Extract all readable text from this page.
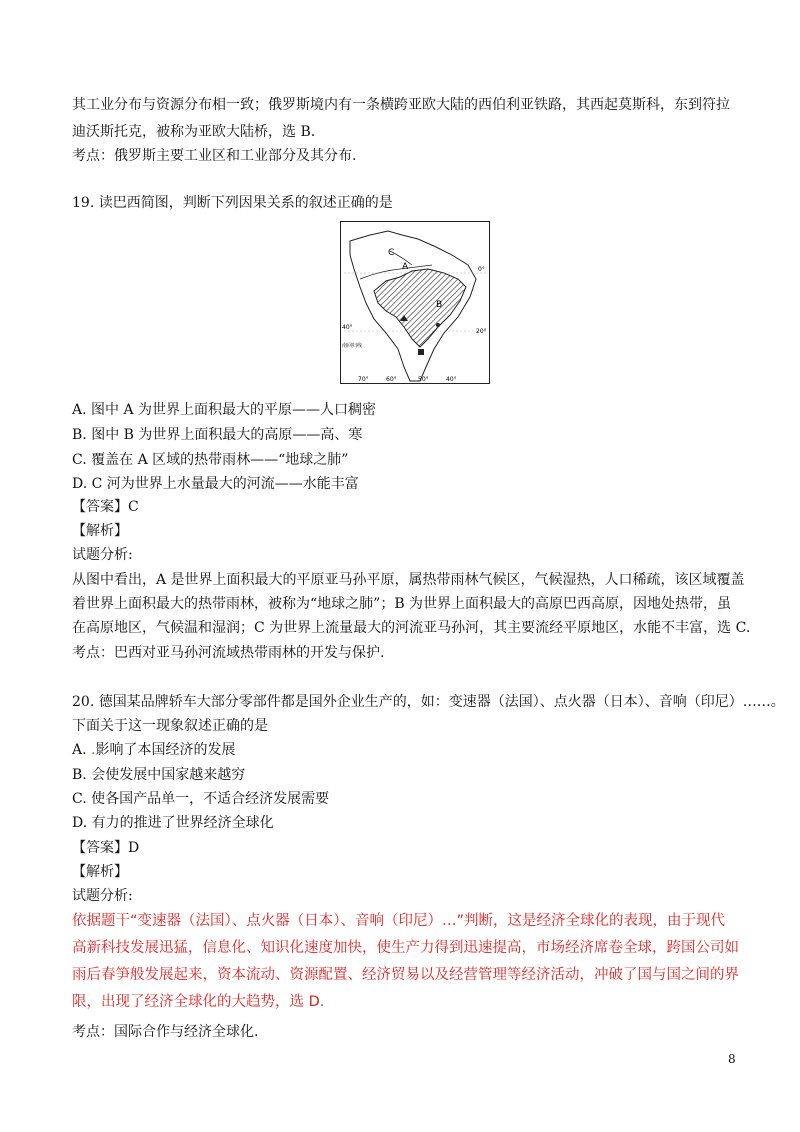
其工业分布与资源分布相一致；俄罗斯境内有一条横跨亚欧大陆的西伯利亚铁路，其西起莫斯科，东到符拉
迪沃斯托克，被称为亚欧大陆桥，选 B.
考点：俄罗斯主要工业区和工业部分及其分布.
19. 读巴西简图，判断下列因果关系的叙述正确的是
A
B
C
南回归线
0°
20°
40°
70°	60°	50°	40°
A. 图中 A 为世界上面积最大的平原——人口稠密
B. 图中 B 为世界上面积最大的高原——高、寒
C. 覆盖在 A 区域的热带雨林——“地球之肺”
D. C 河为世界上水量最大的河流——水能丰富
【答案】C
【解析】
试题分析:
从图中看出，A 是世界上面积最大的平原亚马孙平原，属热带雨林气候区，气候湿热，人口稀疏，该区域覆盖
着世界上面积最大的热带雨林，被称为“地球之肺”；B 为世界上面积最大的高原巴西高原，因地处热带，虽
在高原地区，气候温和湿润；C 为世界上流量最大的河流亚马孙河，其主要流经平原地区，水能不丰富，选 C.
考点：巴西对亚马孙河流域热带雨林的开发与保护.
20. 德国某品牌轿车大部分零部件都是国外企业生产的，如：变速器（法国）、点火器（日本）、音响（印尼）……。
下面关于这一现象叙述正确的是
A. .影响了本国经济的发展
B. 会使发展中国家越来越穷
C. 使各国产品单一，不适合经济发展需要
D. 有力的推进了世界经济全球化
【答案】D
【解析】
试题分析:
依据题干“变速器（法国）、点火器（日本）、音响（印尼）…”判断，这是经济全球化的表现，由于现代
高新科技发展迅猛，信息化、知识化速度加快，使生产力得到迅速提高，市场经济席卷全球，跨国公司如
雨后春笋般发展起来，资本流动、资源配置、经济贸易以及经营管理等经济活动，冲破了国与国之间的界
限，出现了经济全球化的大趋势，选 D.
考点：国际合作与经济全球化.
8
